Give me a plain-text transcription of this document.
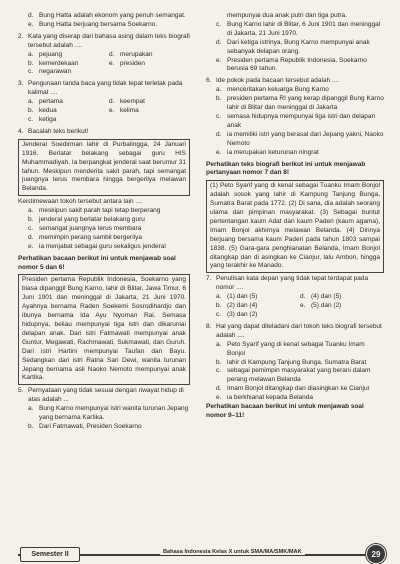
d. Bung Hatta adalah ekonom yang penuh semangat.
e. Bung Hatta berjuang bersama Soekarno.
2. Kata yang diserap dari bahasa asing dalam teks biografi tersebut adalah ....
a. pejuang	d. merupakan
b. kemerdekaan	e. presiden
c. negarawan
3. Pengunaan tanda baca yang tidak tepat terletak pada kalimat ....
a. pertama	d. keempat
b. kedua	e. kelima
c. ketiga
4. Bacalah teks berikut!
Jenderal Soedirman lahir di Purbalingga, 24 Januari 1916. Berlatar belakang sebagai guru HIS Muhammadiyah. Ia berpangkat jenderal saat berumur 31 tahun. Meskipun menderita sakit parah, tapi semangat juangnya terus membara hingga bergerilya melawan Belanda.
Keistimewaan tokoh tersebut antara lain ....
a. meskipun sakit parah tapi tetap berperang
b. jenderal yang berlatar belakang guru
c. semangat juangnya terus membara
d. memimpin perang sambil bergerilya
e. ia menjabat sebagai guru sekaligus jenderal
Perhatikan bacaan berikut ini untuk menjawab soal nomor 5 dan 6!
Presiden pertama Republik Indonesia, Soekarno yang biasa dipanggil Bung Karno, lahir di Blitar, Jawa Timur, 6 Juni 1901 dan meninggal di Jakarta, 21 Juni 1970. Ayahnya bernama Raden Soekemi Sosrodihardjo dan ibunya bernama Ida Ayu Nyoman Rai. Semasa hidupnya, beliau mempunyai tiga istri dan dikaruniai delapan anak. Dari istri Fatmawati mempunyai anak Guntur, Megawati, Rachmawati, Sukmawati, dan Guruh. Dari istri Hartini mempunyai Taufan dan Bayu. Sedangkan dari istri Ratna Sari Dewi, wanita turunan Jepang bernama asli Naoko Nemoto mempunyai anak Kartika.
5. Pernyataan yang tidak sesuai dengan riwayat hidup di atas adalah ...
a. Bung Karno mempunyai istri wanita turunan Jepang yang bernama Kartika.
b. Dari Fatmawati, Presiden Soekarno
mempunyai dua anak putri dan tiga putra.
c. Bung Karno lahir di Blitar, 6 Juni 1901 dan meninggal di Jakarta, 21 Juni 1970.
d. Dari ketiga istrinya, Bung Karno mempunyai anak sebanyak delapan orang.
e. Presiden pertama Republik Indonesia, Soekarno berusia 69 tahun.
6. Ide pokok pada bacaan tersebut adalah ....
a. menceritakan keluarga Bung Karno
b. presiden pertama RI yang kerap dipanggil Bung Karno lahir di Blitar dan meninggal di Jakarta
c. semasa hidupnya mempunyai tiga istri dan delapan anak
d. ia memiliki istri yang berasal dari Jepang yakni, Naoko Nemoto
e. ia merupakan keturunan ningrat
Perhatikan teks biografi berikut ini untuk menjawab pertanyaan nomor 7 dan 8!
(1) Peto Syarif yang di kenal sebagai Tuanku Imam Bonjol adalah sosok yang lahir di Kampung Tanjung Bunga, Sumatra Barat pada 1772. (2) Di sana, dia adalah seorang ulama dan pimpinan masyarakat. (3) Sebagai buntut pertentangan kaum Adat dan kaum Paderi (kaum agama), Imam Bonjol akhirnya melawan Belanda. (4) Dirinya berjuang bersama kaum Paderi pada tahun 1803 sampai 1838. (5) Gara-gara penghianatan Belanda, Imam Bonjol ditangkap dan di asingkan ke Cianjur, lalu Ambon, hingga yang terakhir ke Manado.
7. Penulisan kata depan yang tidak tepat terdapat pada nomor ....
a. (1) dan (5)	d. (4) dan (5)
b. (2) dan (4)	e. (5) dan (2)
c. (3) dan (2)
8. Hal yang dapat diteladani dari tokoh teks biografi tersebut adalah ....
a. Peto Syarif yang di kenal sebagai Tuanku Imam Bonjol
b. lahir di Kampung Tanjung Bunga, Sumatra Barat
c. sebagai pemimpin masyarakat yang berani dalam perang melawan Belanda
d. Imam Bonjol ditangkap dan diasingkan ke Cianjur
e. ia berkhianat kepada Belanda
Perhatikan bacaan berikut ini untuk menjawab soal nomor 9–11!
Semester II	Bahasa Indonesia Kelas X untuk SMA/MA/SMK/MAK	29
